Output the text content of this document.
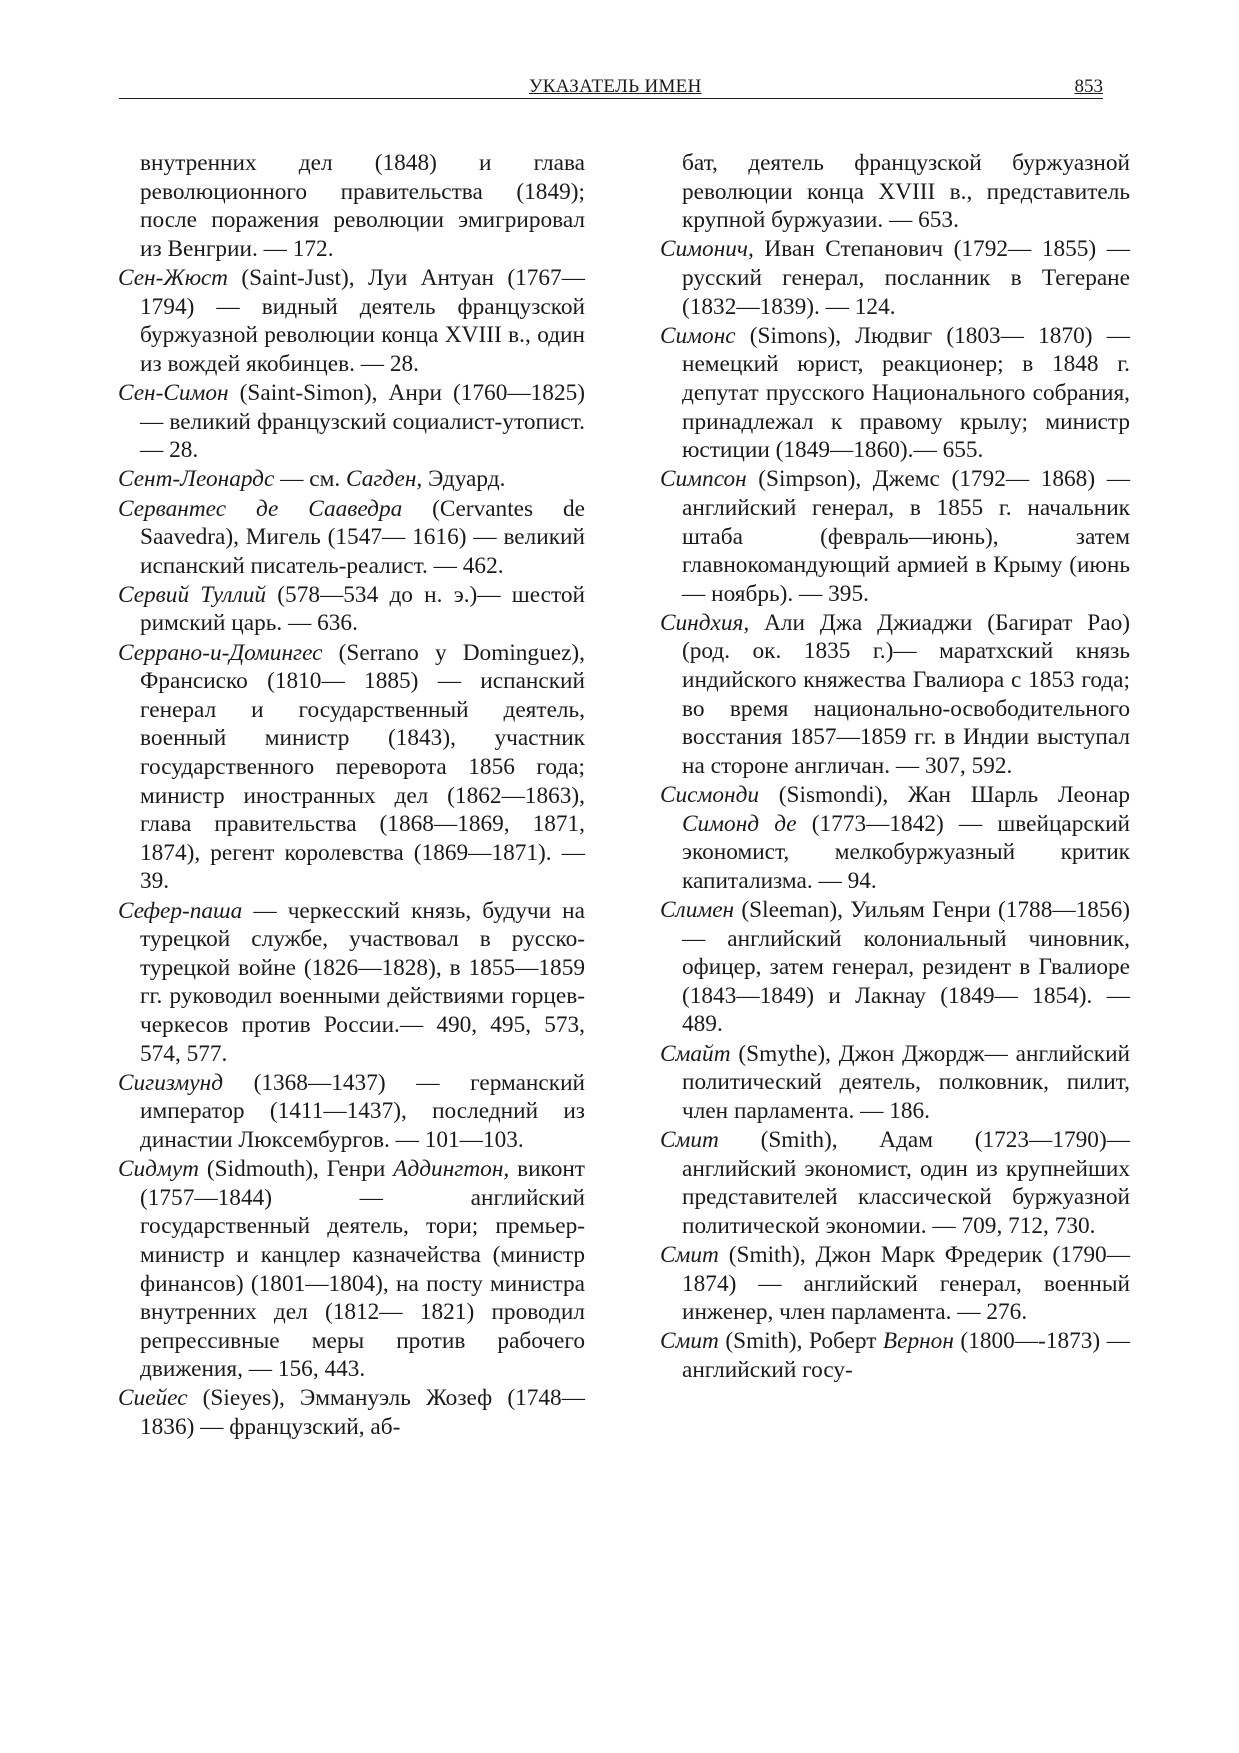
УКАЗАТЕЛЬ ИМЕН	853

внутренних дел (1848) и глава революционного правительства (1849); после поражения революции эмигрировал из Венгрии. — 172.

Сен-Жюст (Saint-Just), Луи Антуан (1767—1794) — видный деятель французской буржуазной революции конца XVIII в., один из вождей якобинцев. — 28.

Сен-Симон (Saint-Simon), Анри (1760—1825) — великий французский социалист-утопист. — 28.

Сент-Леонардс — см. Сагден, Эдуард.

Сервантес де Сааведра (Cervantes de Saavedra), Мигель (1547— 1616) — великий испанский писатель-реалист. — 462.

Сервий Туллий (578—534 до н. э.)— шестой римский царь. — 636.

Серрано-и-Домингес (Serrano y Dominguez), Франсиско (1810— 1885) — испанский генерал и государственный деятель, военный министр (1843), участник государственного переворота 1856 года; министр иностранных дел (1862—1863), глава правительства (1868—1869, 1871, 1874), регент королевства (1869—1871). — 39.

Сефер-паша — черкесский князь, будучи на турецкой службе, участвовал в русско-турецкой войне (1826—1828), в 1855—1859 гг. руководил военными действиями горцев-черкесов против России.— 490, 495, 573, 574, 577.

Сигизмунд (1368—1437) — германский император (1411—1437), последний из династии Люксембургов. — 101—103.

Сидмут (Sidmouth), Генри Аддингтон, виконт (1757—1844) — английский государственный деятель, тори; премьер-министр и канцлер казначейства (министр финансов) (1801—1804), на посту министра внутренних дел (1812— 1821) проводил репрессивные меры против рабочего движения, — 156, 443.

Сиейес (Sieyes), Эммануэль Жозеф (1748—1836) — французский, аб-

бат, деятель французской буржуазной революции конца XVIII в., представитель крупной буржуазии. — 653.

Симонич, Иван Степанович (1792— 1855) — русский генерал, посланник в Тегеране (1832—1839). — 124.

Симонс (Simons), Людвиг (1803— 1870) — немецкий юрист, реакционер; в 1848 г. депутат прусского Национального собрания, принадлежал к правому крылу; министр юстиции (1849—1860).— 655.

Симпсон (Simpson), Джемс (1792— 1868) — английский генерал, в 1855 г. начальник штаба (февраль—июнь), затем главнокомандующий армией в Крыму (июнь — ноябрь). — 395.

Синдхия, Али Джа Джиаджи (Багират Рао) (род. ок. 1835 г.)— маратхский князь индийского княжества Гвалиора с 1853 года; во время национально-освободительного восстания 1857—1859 гг. в Индии выступал на стороне англичан. — 307, 592.

Сисмонди (Sismondi), Жан Шарль Леонар Симонд де (1773—1842) — швейцарский экономист, мелкобуржуазный критик капитализма. — 94.

Слимен (Sleeman), Уильям Генри (1788—1856) — английский колониальный чиновник, офицер, затем генерал, резидент в Гвалиоре (1843—1849) и Лакнау (1849— 1854). — 489.

Смайт (Smythe), Джон Джордж— английский политический деятель, полковник, пилит, член парламента. — 186.

Смит (Smith), Адам (1723—1790)— английский экономист, один из крупнейших представителей классической буржуазной политической экономии. — 709, 712, 730.

Смит (Smith), Джон Марк Фредерик (1790—1874) — английский генерал, военный инженер, член парламента. — 276.

Смит (Smith), Роберт Вернон (1800—-1873) — английский госу-
